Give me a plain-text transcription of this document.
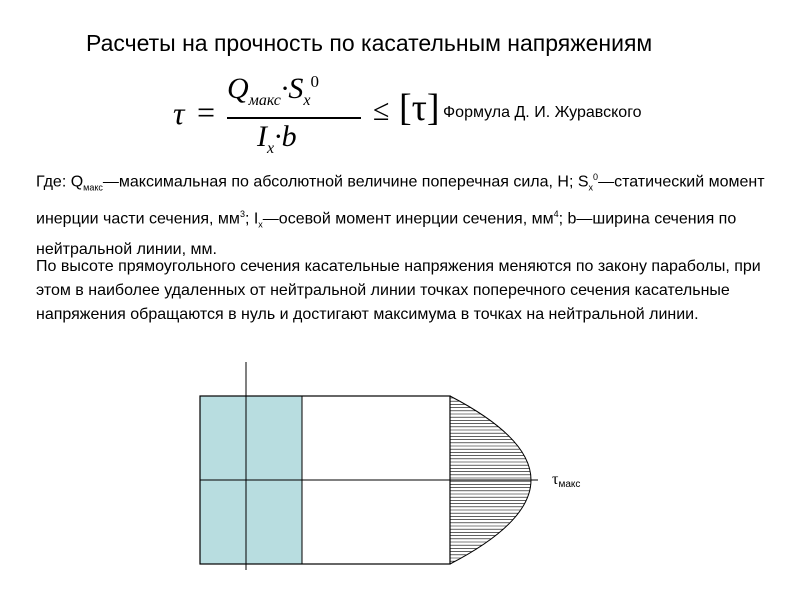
Расчеты на прочность по касательным напряжениям
τ =
$Q_{макс}\cdot S_x^0$
$I_x\cdot b$
≤ [τ] Формула Д. И. Журавского
Где: $Q_{макс}—максимальная$ по абсолютной величине поперечная сила, Н; $S_x^0—статический$ момент инерции части сечения, $мм^3$; $I_x—осевой$ момент инерции сечения, $мм^4$; b—ширина сечения по нейтральной линии, мм.
По высоте прямоугольного сечения касательные напряжения меняются по закону параболы, при этом в наиболее удаленных от нейтральной линии точках поперечного сечения касательные напряжения обращаются в нуль и достигают максимума в точках на нейтральной линии.
τмакс
